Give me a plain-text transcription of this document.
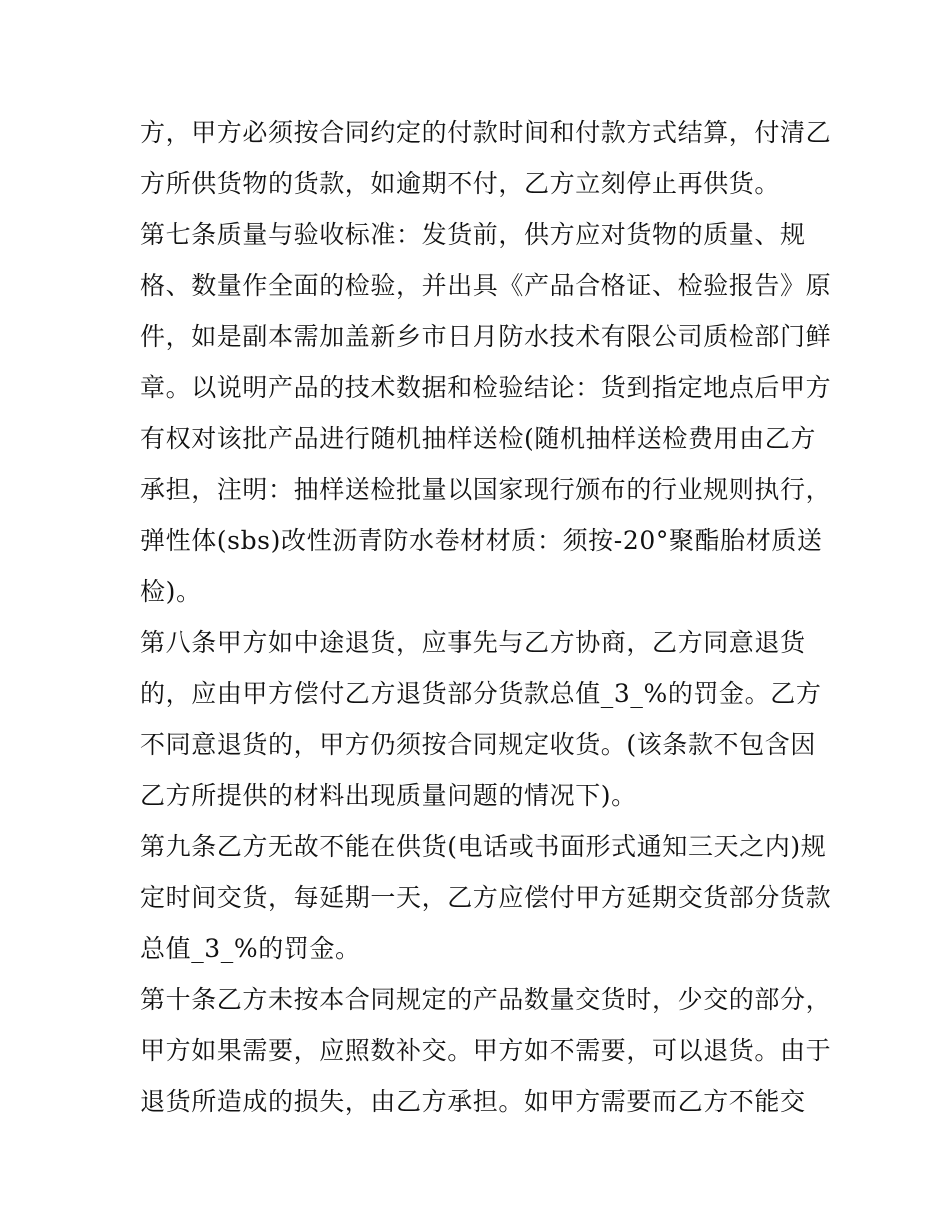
方，甲方必须按合同约定的付款时间和付款方式结算，付清乙
方所供货物的货款，如逾期不付，乙方立刻停止再供货。
第七条质量与验收标准：发货前，供方应对货物的质量、规
格、数量作全面的检验，并出具《产品合格证、检验报告》原
件，如是副本需加盖新乡市日月防水技术有限公司质检部门鲜
章。以说明产品的技术数据和检验结论：货到指定地点后甲方
有权对该批产品进行随机抽样送检(随机抽样送检费用由乙方
承担，注明：抽样送检批量以国家现行颁布的行业规则执行，
弹性体(sbs)改性沥青防水卷材材质：须按-20°聚酯胎材质送
检)。
第八条甲方如中途退货，应事先与乙方协商，乙方同意退货
的，应由甲方偿付乙方退货部分货款总值_3_%的罚金。乙方
不同意退货的，甲方仍须按合同规定收货。(该条款不包含因
乙方所提供的材料出现质量问题的情况下)。
第九条乙方无故不能在供货(电话或书面形式通知三天之内)规
定时间交货，每延期一天，乙方应偿付甲方延期交货部分货款
总值_3_%的罚金。
第十条乙方未按本合同规定的产品数量交货时，少交的部分，
甲方如果需要，应照数补交。甲方如不需要，可以退货。由于
退货所造成的损失，由乙方承担。如甲方需要而乙方不能交
